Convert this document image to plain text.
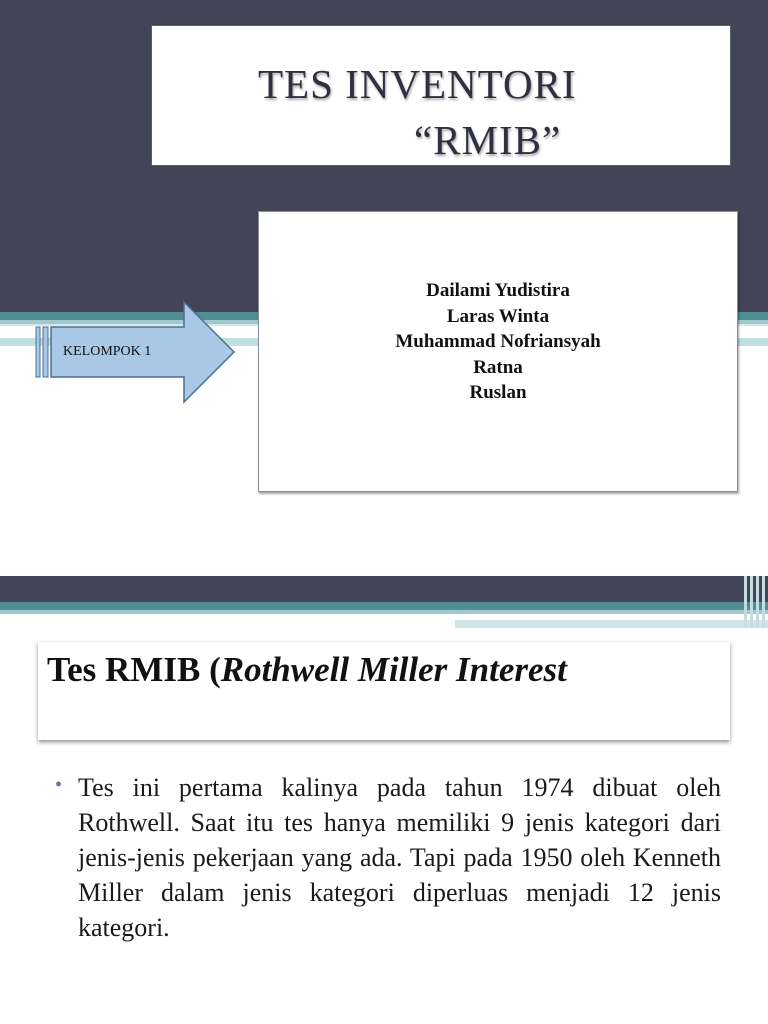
TES INVENTORI
“RMIB”
KELOMPOK 1
Dailami Yudistira
Laras Winta
Muhammad Nofriansyah
Ratna
Ruslan
Tes RMIB (Rothwell Miller Interest
• Tes ini pertama kalinya pada tahun 1974 dibuat oleh Rothwell. Saat itu tes hanya memiliki 9 jenis kategori dari jenis-jenis pekerjaan yang ada. Tapi pada 1950 oleh Kenneth Miller dalam jenis kategori diperluas menjadi 12 jenis kategori.
